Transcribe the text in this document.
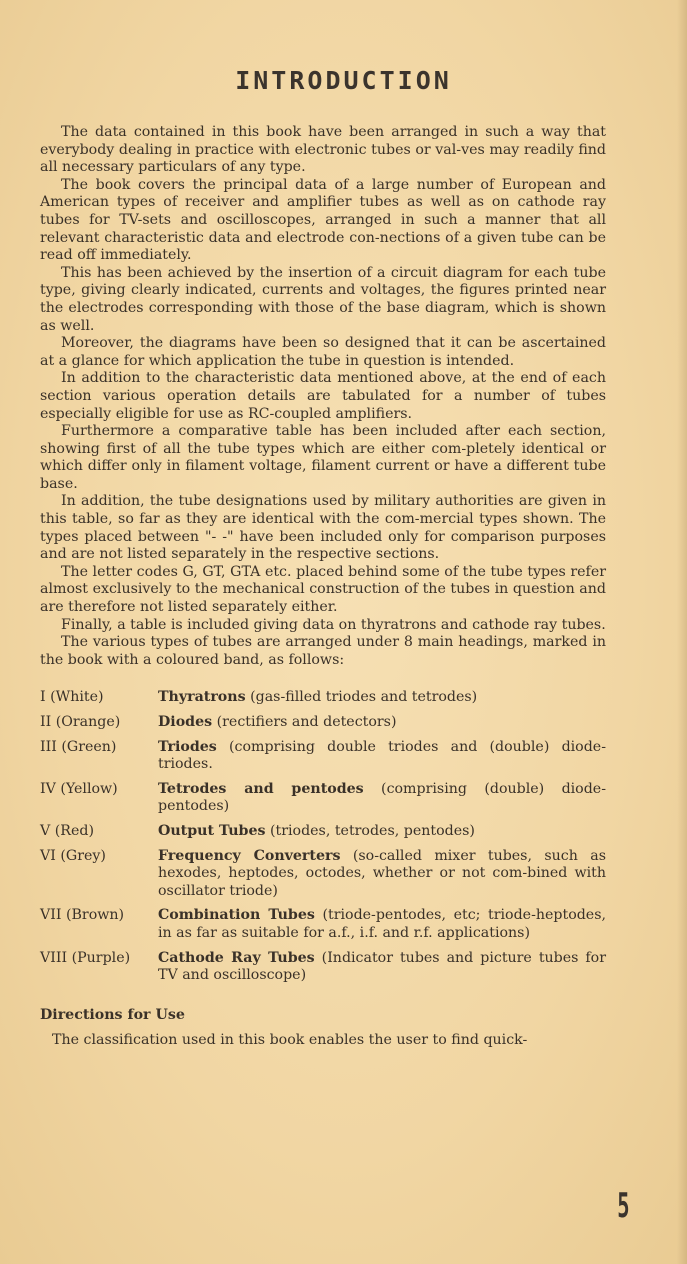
INTRODUCTION

The data contained in this book have been arranged in such a way that everybody dealing in practice with electronic tubes or val-ves may readily find all necessary particulars of any type.

The book covers the principal data of a large number of European and American types of receiver and amplifier tubes as well as on cathode ray tubes for TV-sets and oscilloscopes, arranged in such a manner that all relevant characteristic data and electrode con-nections of a given tube can be read off immediately.

This has been achieved by the insertion of a circuit diagram for each tube type, giving clearly indicated, currents and voltages, the figures printed near the electrodes corresponding with those of the base diagram, which is shown as well.

Moreover, the diagrams have been so designed that it can be ascertained at a glance for which application the tube in question is intended.

In addition to the characteristic data mentioned above, at the end of each section various operation details are tabulated for a number of tubes especially eligible for use as RC-coupled amplifiers.

Furthermore a comparative table has been included after each section, showing first of all the tube types which are either com-pletely identical or which differ only in filament voltage, filament current or have a different tube base.

In addition, the tube designations used by military authorities are given in this table, so far as they are identical with the com-mercial types shown. The types placed between "- -" have been included only for comparison purposes and are not listed separately in the respective sections.

The letter codes G, GT, GTA etc. placed behind some of the tube types refer almost exclusively to the mechanical construction of the tubes in question and are therefore not listed separately either.

Finally, a table is included giving data on thyratrons and cathode ray tubes.

The various types of tubes are arranged under 8 main headings, marked in the book with a coloured band, as follows:

I (White)	Thyratrons (gas-filled triodes and tetrodes)
II (Orange)	Diodes (rectifiers and detectors)
III (Green)	Triodes (comprising double triodes and (double) diode-triodes.
IV (Yellow)	Tetrodes and pentodes (comprising (double) diode-pentodes)
V (Red)	Output Tubes (triodes, tetrodes, pentodes)
VI (Grey)	Frequency Converters (so-called mixer tubes, such as hexodes, heptodes, octodes, whether or not com-bined with oscillator triode)
VII (Brown)	Combination Tubes (triode-pentodes, etc; triode-heptodes, in as far as suitable for a.f., i.f. and r.f. applications)
VIII (Purple)	Cathode Ray Tubes (Indicator tubes and picture tubes for TV and oscilloscope)
Directions for Use

The classification used in this book enables the user to find quick-

5
